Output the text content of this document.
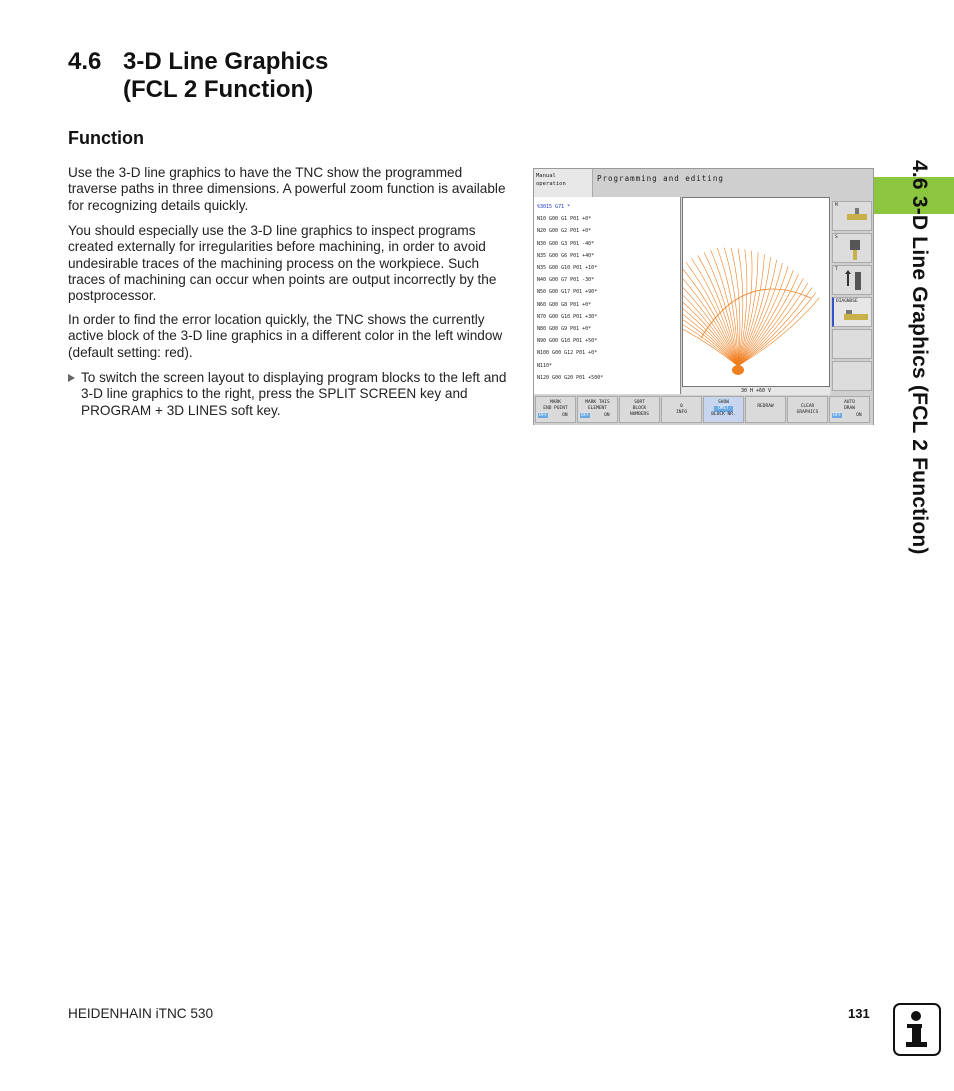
4.6 3-D Line Graphics
(FCL 2 Function)
Function
Use the 3-D line graphics to have the TNC show the programmed traverse paths in three dimensions. A powerful zoom function is available for recognizing details quickly.
You should especially use the 3-D line graphics to inspect programs created externally for irregularities before machining, in order to avoid undesirable traces of the machining process on the workpiece. Such traces of machining can occur when points are output incorrectly by the postprocessor.
In order to find the error location quickly, the TNC shows the currently active block of the 3-D line graphics in a different color in the left window (default setting: red).
To switch the screen layout to displaying program blocks to the left and 3-D line graphics to the right, press the SPLIT SCREEN key and PROGRAM + 3D LINES soft key.	4.6 3-D Line Graphics (FCL 2 Function)
Manual
operation
Programming and editing
%3015 G71 *
N10 G00 G1 P01 +0*
N20 G00 G2 P01 +0*
N30 G00 G3 P01 -40*
N35 G00 G6 P01 +40*
N35 G00 G10 P01 +10*
N40 G00 G7 P01 -30*
N50 G00 G17 P01 +90*
N60 G00 G8 P01 +0*
N70 G00 G10 P01 +30*
N80 G00 G9 P01 +0*
N90 G00 G10 P01 +50*
N100 G00 G12 P01 +0*
N110*
N120 G00 G20 P01 +500*
30 H +60 V
M
S
T
DIAGNOSE
MARK
END POINT
OFF	ON
MARK THIS
ELEMENT
OFF	ON
SORT
BLOCK
NUMBERS
0
INFO
SHOW
OMIT
BLOCK NR.
REDRAW	CLEAR
GRAPHICS
AUTO
DRAW
OFF	ON
HEIDENHAIN iTNC 530	131
